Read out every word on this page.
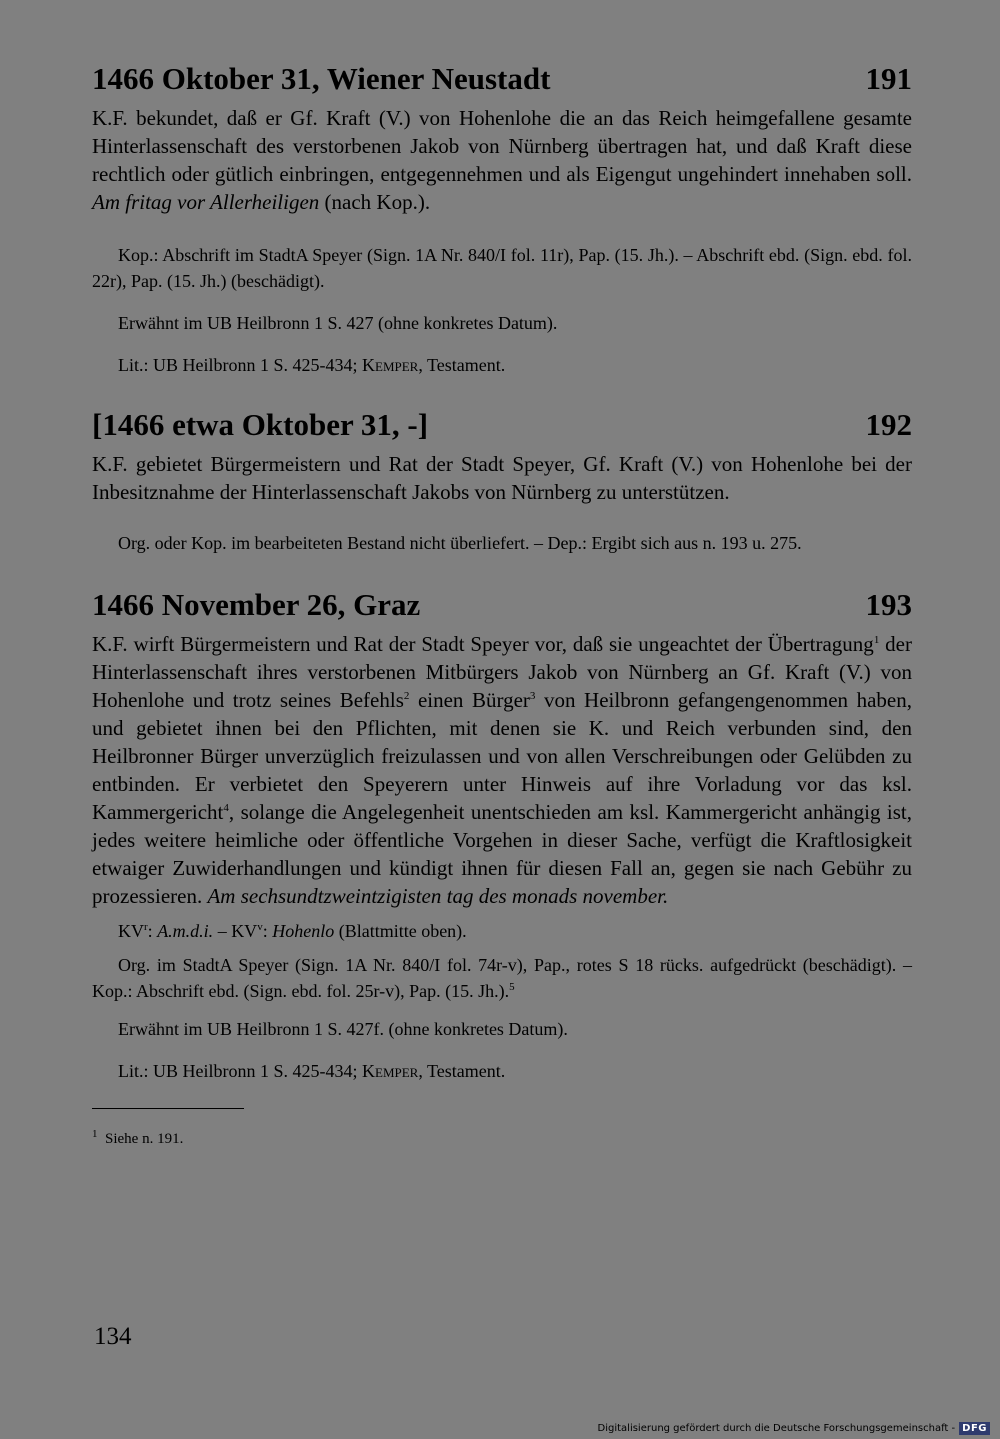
1466 Oktober 31, Wiener Neustadt	191

K.F. bekundet, daß er Gf. Kraft (V.) von Hohenlohe die an das Reich heimgefallene gesamte Hinterlassenschaft des verstorbenen Jakob von Nürnberg übertragen hat, und daß Kraft diese rechtlich oder gütlich einbringen, entgegennehmen und als Eigengut ungehindert innehaben soll. Am fritag vor Allerheiligen (nach Kop.).

Kop.: Abschrift im StadtA Speyer (Sign. 1A Nr. 840/I fol. 11r), Pap. (15. Jh.). – Abschrift ebd. (Sign. ebd. fol. 22r), Pap. (15. Jh.) (beschädigt).

Erwähnt im UB Heilbronn 1 S. 427 (ohne konkretes Datum).

Lit.: UB Heilbronn 1 S. 425-434; Kemper, Testament.

[1466 etwa Oktober 31, -]	192

K.F. gebietet Bürgermeistern und Rat der Stadt Speyer, Gf. Kraft (V.) von Hohenlohe bei der Inbesitznahme der Hinterlassenschaft Jakobs von Nürnberg zu unterstützen.

Org. oder Kop. im bearbeiteten Bestand nicht überliefert. – Dep.: Ergibt sich aus n. 193 u. 275.

1466 November 26, Graz	193

K.F. wirft Bürgermeistern und Rat der Stadt Speyer vor, daß sie ungeachtet der Übertragung$^1$ der Hinterlassenschaft ihres verstorbenen Mitbürgers Jakob von Nürnberg an Gf. Kraft (V.) von Hohenlohe und trotz seines Befehls$^2$ einen Bürger$^3$ von Heilbronn gefangengenommen haben, und gebietet ihnen bei den Pflichten, mit denen sie K. und Reich verbunden sind, den Heilbronner Bürger unverzüglich freizulassen und von allen Verschreibungen oder Gelübden zu entbinden. Er verbietet den Speyerern unter Hinweis auf ihre Vorladung vor das ksl. Kammergericht$^4$, solange die Angelegenheit unentschieden am ksl. Kammergericht anhängig ist, jedes weitere heimliche oder öffentliche Vorgehen in dieser Sache, verfügt die Kraftlosigkeit etwaiger Zuwiderhandlungen und kündigt ihnen für diesen Fall an, gegen sie nach Gebühr zu prozessieren. Am sechsundtzweintzigisten tag des monads november.

$KV^r$: A.m.d.i. – $KV^v$: Hohenlo (Blattmitte oben).

Org. im StadtA Speyer (Sign. 1A Nr. 840/I fol. 74r-v), Pap., rotes S 18 rücks. aufgedrückt (beschädigt). – Kop.: Abschrift ebd. (Sign. ebd. fol. 25r-v), Pap. (15. Jh.).$^5$

Erwähnt im UB Heilbronn 1 S. 427f. (ohne konkretes Datum).

Lit.: UB Heilbronn 1 S. 425-434; Kemper, Testament.

$^1$ Siehe n. 191.

134
Digitalisierung gefördert durch die Deutsche Forschungsgemeinschaft - DFG
